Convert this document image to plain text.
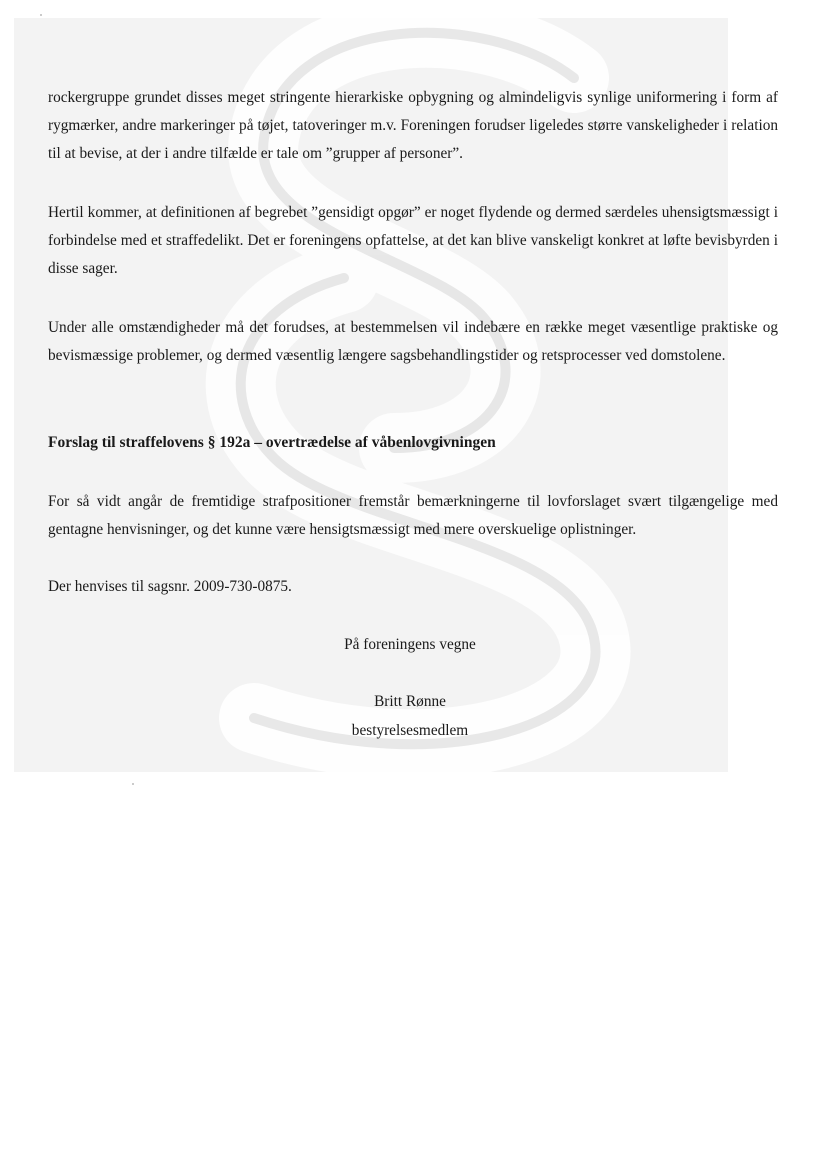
rockergruppe grundet disses meget stringente hierarkiske opbygning og almindeligvis synlige uniformering i form af rygmærker, andre markeringer på tøjet, tatoveringer m.v. Foreningen forudser ligeledes større vanskeligheder i relation til at bevise, at der i andre tilfælde er tale om ”grupper af personer”.

Hertil kommer, at definitionen af begrebet ”gensidigt opgør” er noget flydende og dermed særdeles uhensigtsmæssigt i forbindelse med et straffedelikt. Det er foreningens opfattelse, at det kan blive vanskeligt konkret at løfte bevisbyrden i disse sager.

Under alle omstændigheder må det forudses, at bestemmelsen vil indebære en række meget væsentlige praktiske og bevismæssige problemer, og dermed væsentlig længere sagsbehandlingstider og retsprocesser ved domstolene.

Forslag til straffelovens § 192a – overtrædelse af våbenlovgivningen

For så vidt angår de fremtidige strafpositioner fremstår bemærkningerne til lovforslaget svært tilgængelige med gentagne henvisninger, og det kunne være hensigtsmæssigt med mere overskuelige oplistninger.

Der henvises til sagsnr. 2009-730-0875.

På foreningens vegne

Britt Rønne

bestyrelsesmedlem
